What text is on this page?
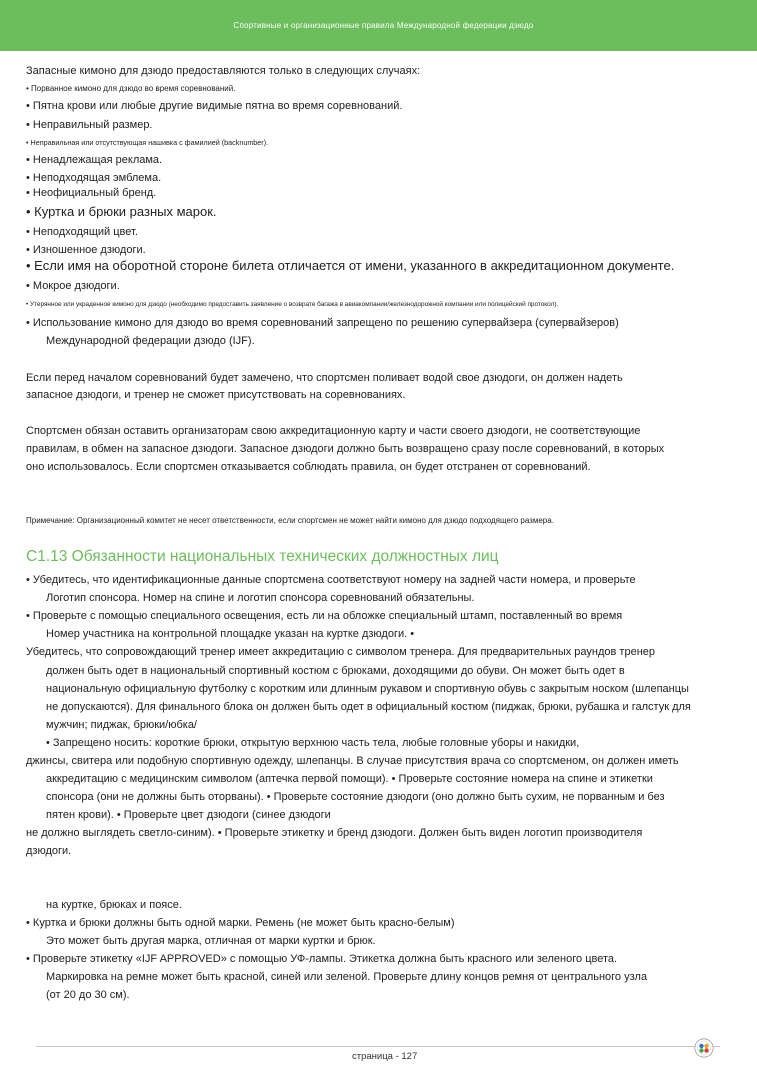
Спортивные и организационные правила Международной федерации дзюдо
Запасные кимоно для дзюдо предоставляются только в следующих случаях:
• Порванное кимоно для дзюдо во время соревнований.
• Пятна крови или любые другие видимые пятна во время соревнований.
• Неправильный размер.
• Неправильная или отсутствующая нашивка с фамилией (backnumber).
• Ненадлежащая реклама.
• Неподходящая эмблема.
• Неофициальный бренд.
• Куртка и брюки разных марок.
• Неподходящий цвет.
• Изношенное дзюдоги.
• Если имя на оборотной стороне билета отличается от имени, указанного в аккредитационном документе.
• Мокрое дзюдоги.
• Утерянное или украденное кимоно для дзюдо (необходимо предоставить заявление о возврате багажа в авиакомпании/железнодорожной компании или полицейский протокол).
• Использование кимоно для дзюдо во время соревнований запрещено по решению супервайзера (супервайзеров)
Международной федерации дзюдо (IJF).
Если перед началом соревнований будет замечено, что спортсмен поливает водой свое дзюдоги, он должен надеть
запасное дзюдоги, и тренер не сможет присутствовать на соревнованиях.
Спортсмен обязан оставить организаторам свою аккредитационную карту и части своего дзюдоги, не соответствующие
правилам, в обмен на запасное дзюдоги. Запасное дзюдоги должно быть возвращено сразу после соревнований, в которых
оно использовалось. Если спортсмен отказывается соблюдать правила, он будет отстранен от соревнований.
Примечание: Организационный комитет не несет ответственности, если спортсмен не может найти кимоно для дзюдо подходящего размера.
C1.13 Обязанности национальных технических должностных лиц
• Убедитесь, что идентификационные данные спортсмена соответствуют номеру на задней части номера, и проверьте
Логотип спонсора. Номер на спине и логотип спонсора соревнований обязательны.
• Проверьте с помощью специального освещения, есть ли на обложке специальный штамп, поставленный во время
Номер участника на контрольной площадке указан на куртке дзюдоги. •
Убедитесь, что сопровождающий тренер имеет аккредитацию с символом тренера. Для предварительных раундов тренер
должен быть одет в национальный спортивный костюм с брюками, доходящими до обуви. Он может быть одет в
национальную официальную футболку с коротким или длинным рукавом и спортивную обувь с закрытым носком (шлепанцы
не допускаются). Для финального блока он должен быть одет в официальный костюм (пиджак, брюки, рубашка и галстук для
мужчин; пиджак, брюки/юбка/
• Запрещено носить: короткие брюки, открытую верхнюю часть тела, любые головные уборы и накидки,
джинсы, свитера или подобную спортивную одежду, шлепанцы. В случае присутствия врача со спортсменом, он должен иметь
аккредитацию с медицинским символом (аптечка первой помощи). • Проверьте состояние номера на спине и этикетки
спонсора (они не должны быть оторваны). • Проверьте состояние дзюдоги (оно должно быть сухим, не порванным и без
пятен крови). • Проверьте цвет дзюдоги (синее дзюдоги
не должно выглядеть светло-синим). • Проверьте этикетку и бренд дзюдоги. Должен быть виден логотип производителя
дзюдоги.
на куртке, брюках и поясе.
• Куртка и брюки должны быть одной марки. Ремень (не может быть красно-белым)
Это может быть другая марка, отличная от марки куртки и брюк.
• Проверьте этикетку «IJF APPROVED» с помощью УФ-лампы. Этикетка должна быть красного или зеленого цвета.
Маркировка на ремне может быть красной, синей или зеленой. Проверьте длину концов ремня от центрального узла
(от 20 до 30 см).
страница - 127
